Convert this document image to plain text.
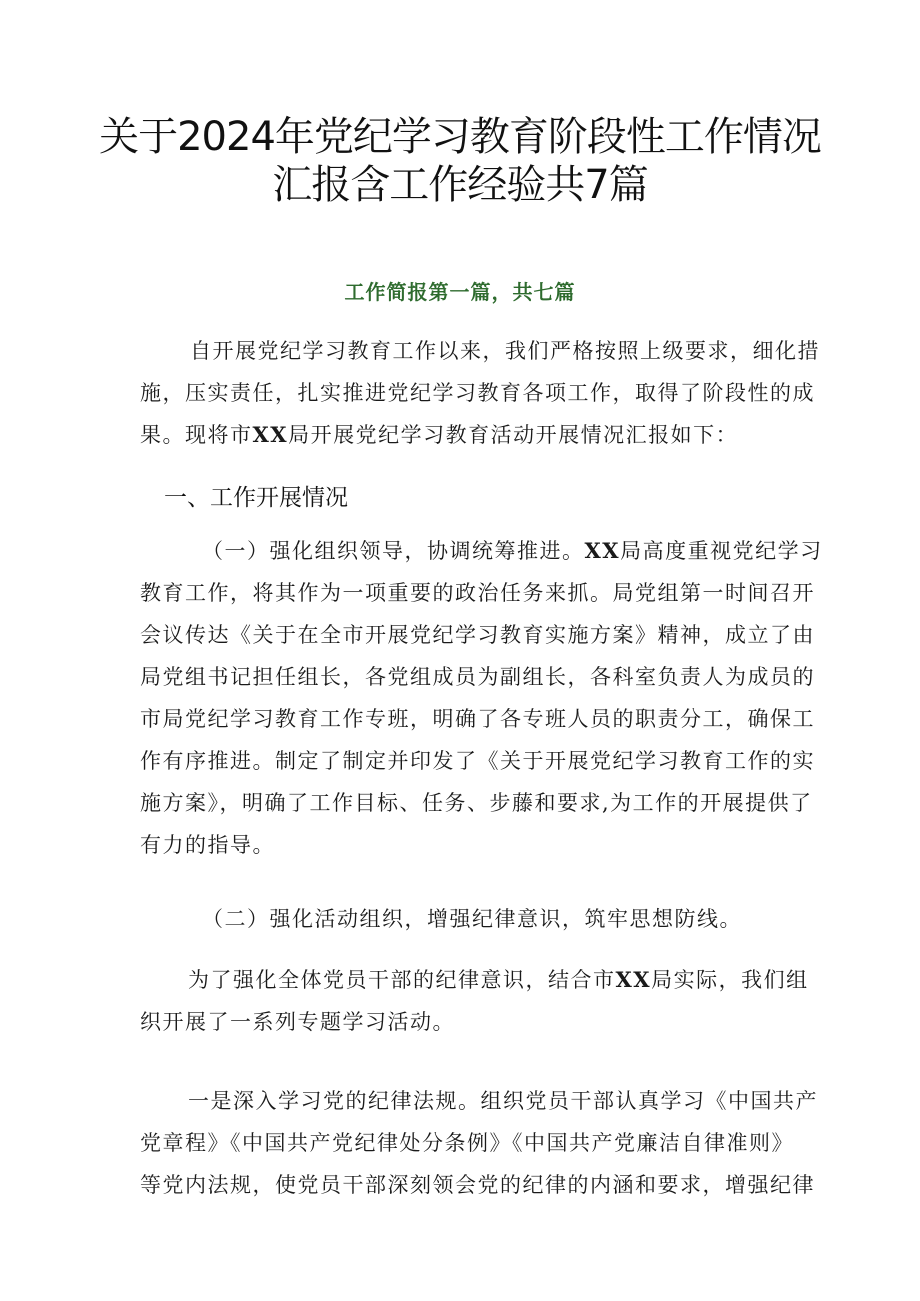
关于2024年党纪学习教育阶段性工作情况
汇报含工作经验共7篇
工作简报第一篇，共七篇
自开展党纪学习教育工作以来，我们严格按照上级要求，细化措
施，压实责任，扎实推进党纪学习教育各项工作，取得了阶段性的成
果。现将市XX局开展党纪学习教育活动开展情况汇报如下：
一、工作开展情况
（一）强化组织领导，协调统筹推进。XX局高度重视党纪学习
教育工作，将其作为一项重要的政治任务来抓。局党组第一时间召开
会议传达《关于在全市开展党纪学习教育实施方案》精神，成立了由
局党组书记担任组长，各党组成员为副组长，各科室负责人为成员的
市局党纪学习教育工作专班，明确了各专班人员的职责分工，确保工
作有序推进。制定了制定并印发了《关于开展党纪学习教育工作的实
施方案》，明确了工作目标、任务、步藤和要求,为工作的开展提供了
有力的指导。
（二）强化活动组织，增强纪律意识，筑牢思想防线。
为了强化全体党员干部的纪律意识，结合市XX局实际，我们组
织开展了一系列专题学习活动。
一是深入学习党的纪律法规。组织党员干部认真学习《中国共产
党章程》《中国共产党纪律处分条例》《中国共产党廉洁自律准则》
等党内法规，使党员干部深刻领会党的纪律的内涵和要求，增强纪律
